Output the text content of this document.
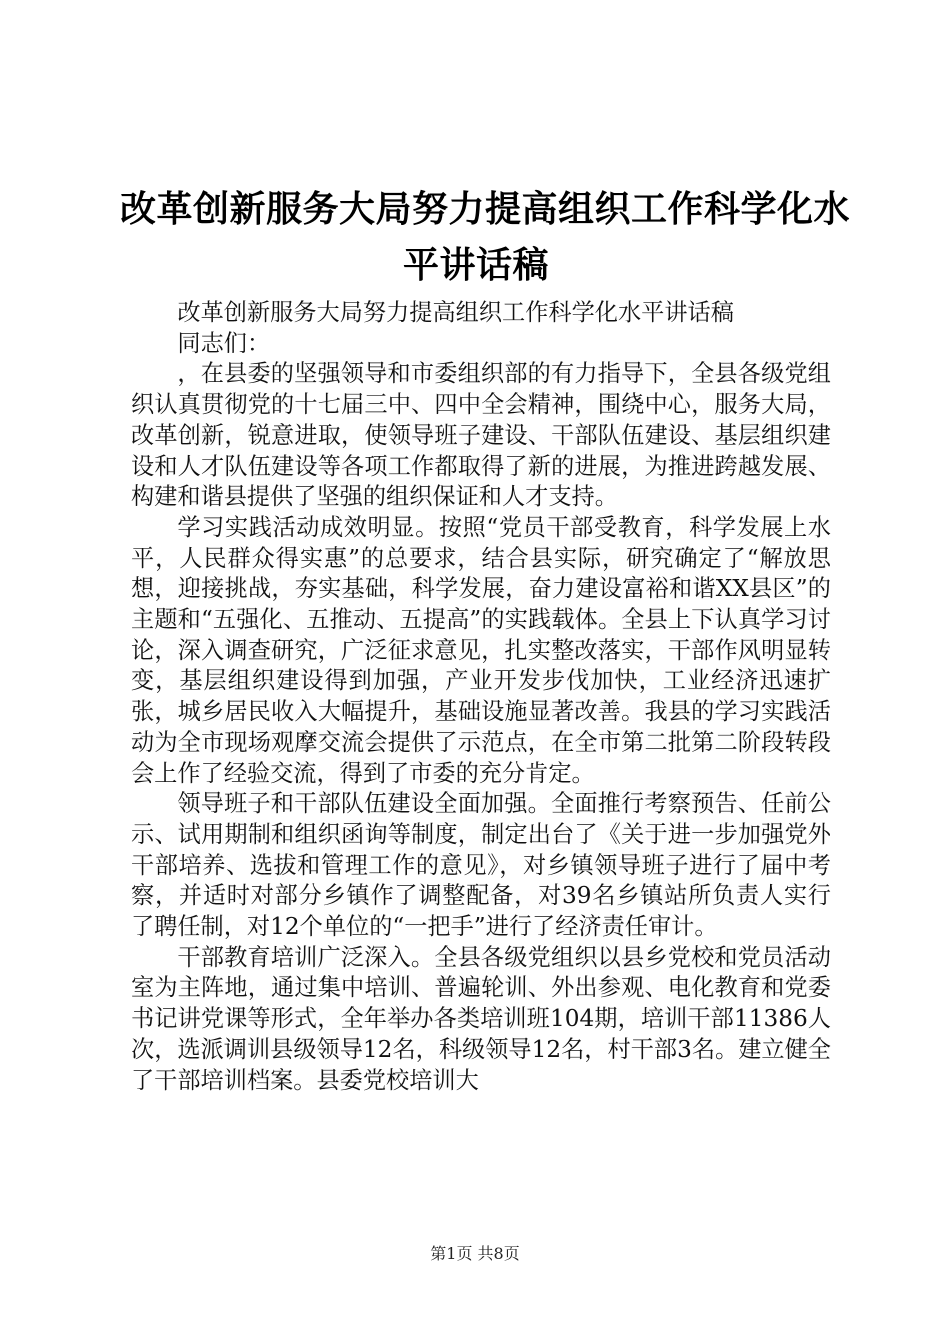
改革创新服务大局努力提高组织工作科学化水
平讲话稿

改革创新服务大局努力提高组织工作科学化水平讲话稿

同志们：

，在县委的坚强领导和市委组织部的有力指导下，全县各级党组织认真贯彻党的十七届三中、四中全会精神，围绕中心，服务大局，改革创新，锐意进取，使领导班子建设、干部队伍建设、基层组织建设和人才队伍建设等各项工作都取得了新的进展，为推进跨越发展、构建和谐县提供了坚强的组织保证和人才支持。

学习实践活动成效明显。按照“党员干部受教育，科学发展上水平，人民群众得实惠”的总要求，结合县实际，研究确定了“解放思想，迎接挑战，夯实基础，科学发展，奋力建设富裕和谐XX县区”的主题和“五强化、五推动、五提高”的实践载体。全县上下认真学习讨论，深入调查研究，广泛征求意见，扎实整改落实，干部作风明显转变，基层组织建设得到加强，产业开发步伐加快，工业经济迅速扩张，城乡居民收入大幅提升，基础设施显著改善。我县的学习实践活动为全市现场观摩交流会提供了示范点，在全市第二批第二阶段转段会上作了经验交流，得到了市委的充分肯定。

领导班子和干部队伍建设全面加强。全面推行考察预告、任前公示、试用期制和组织函询等制度，制定出台了《关于进一步加强党外干部培养、选拔和管理工作的意见》，对乡镇领导班子进行了届中考察，并适时对部分乡镇作了调整配备，对39名乡镇站所负责人实行了聘任制，对12个单位的“一把手”进行了经济责任审计。

干部教育培训广泛深入。全县各级党组织以县乡党校和党员活动室为主阵地，通过集中培训、普遍轮训、外出参观、电化教育和党委书记讲党课等形式，全年举办各类培训班104期，培训干部11386人次，选派调训县级领导12名，科级领导12名，村干部3名。建立健全了干部培训档案。县委党校培训大

第1页 共8页
